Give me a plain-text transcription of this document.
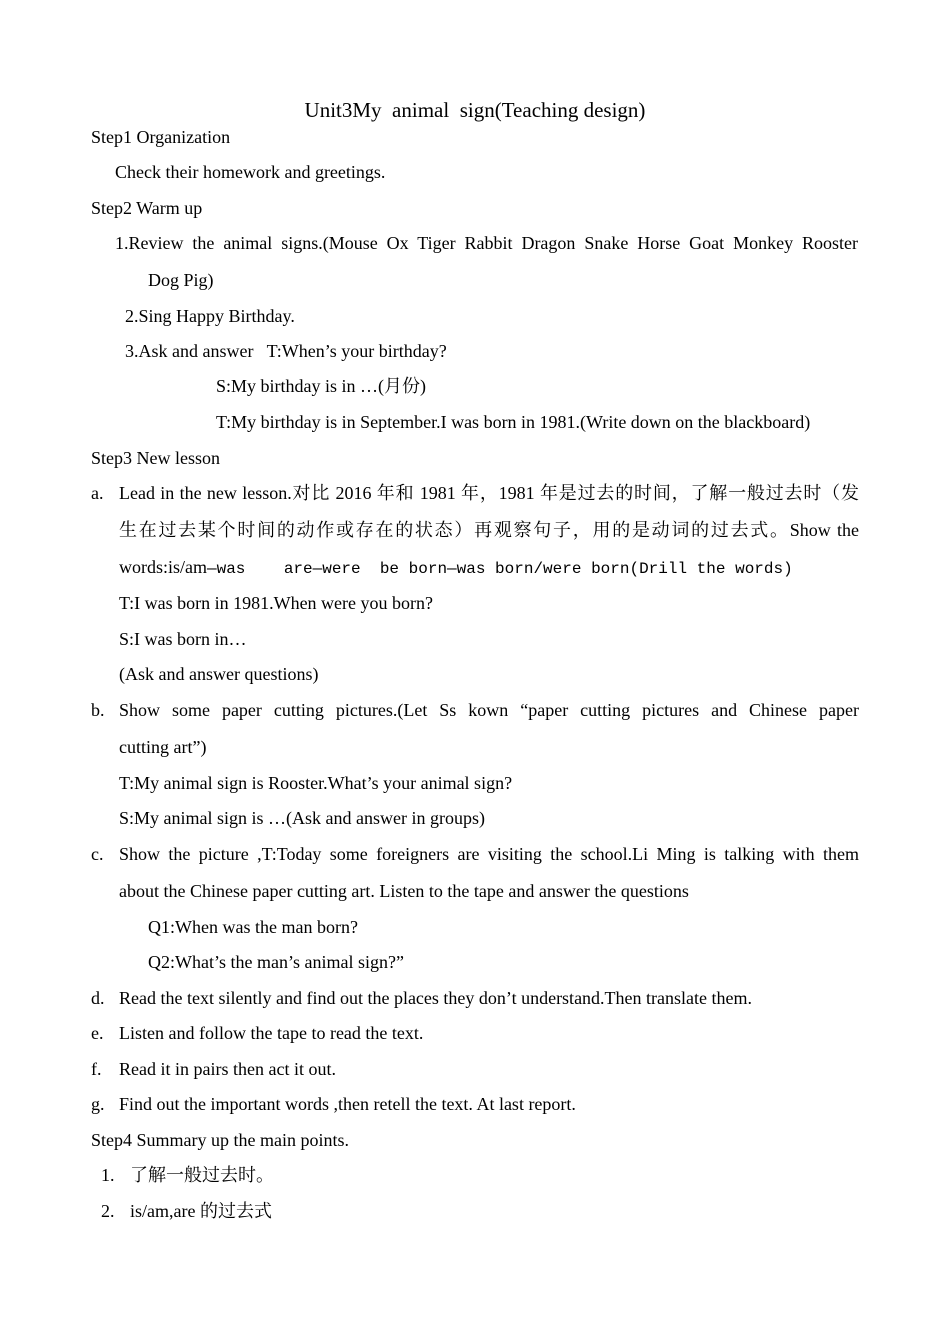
Unit3My  animal  sign(Teaching design)
Step1 Organization
Check their homework and greetings.
Step2 Warm up
1.Review the animal signs.(Mouse Ox Tiger Rabbit Dragon Snake Horse Goat Monkey Rooster
Dog Pig)
2.Sing Happy Birthday.
3.Ask and answer   T:When’s your birthday?
S:My birthday is in …(月份)
T:My birthday is in September.I was born in 1981.(Write down on the blackboard)
Step3 New lesson
a. Lead in the new lesson.对比 2016 年和 1981 年，1981 年是过去的时间，了解一般过去时（发
生在过去某个时间的动作或存在的状态）再观察句子，用的是动词的过去式。Show the
words:is/am—was    are—were  be born—was born/were born(Drill the words)
T:I was born in 1981.When were you born?
S:I was born in…
(Ask and answer questions)
b. Show some paper cutting pictures.(Let Ss kown “paper cutting pictures and Chinese paper
cutting art”)
T:My animal sign is Rooster.What’s your animal sign?
S:My animal sign is …(Ask and answer in groups)
c. Show the picture ,T:Today some foreigners are visiting the school.Li Ming is talking with them
about the Chinese paper cutting art. Listen to the tape and answer the questions
Q1:When was the man born?
Q2:What’s the man’s animal sign?”
d. Read the text silently and find out the places they don’t understand.Then translate them.
e. Listen and follow the tape to read the text.
f. Read it in pairs then act it out.
g. Find out the important words ,then retell the text. At last report.
Step4 Summary up the main points.
1. 了解一般过去时。
2. is/am,are 的过去式
